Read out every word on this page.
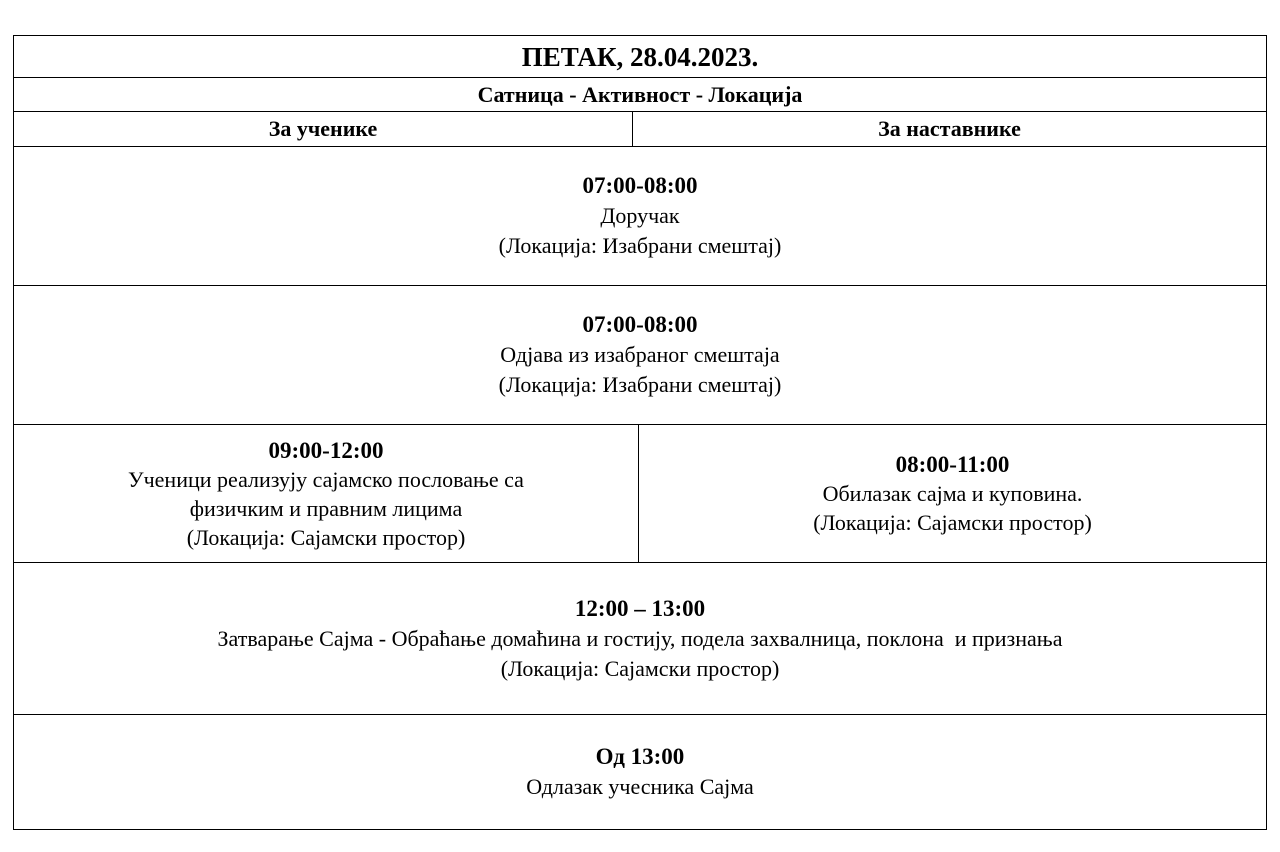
ПЕТАК, 28.04.2023.
Сатница - Активност - Локација
За ученике	За наставнике
07:00-08:00
Доручак
(Локација: Изабрани смештај)
07:00-08:00
Одјава из изабраног смештаја
(Локација: Изабрани смештај)
09:00-12:00
Ученици реализују сајамско пословање са
физичким и правним лицима
(Локација: Сајамски простор)
08:00-11:00
Обилазак сајма и куповина.
(Локација: Сајамски простор)
12:00 – 13:00
Затварање Сајма - Обраћање домаћина и гостију, подела захвалница, поклона  и признања
(Локација: Сајамски простор)
Од 13:00
Одлазак учесника Сајма
